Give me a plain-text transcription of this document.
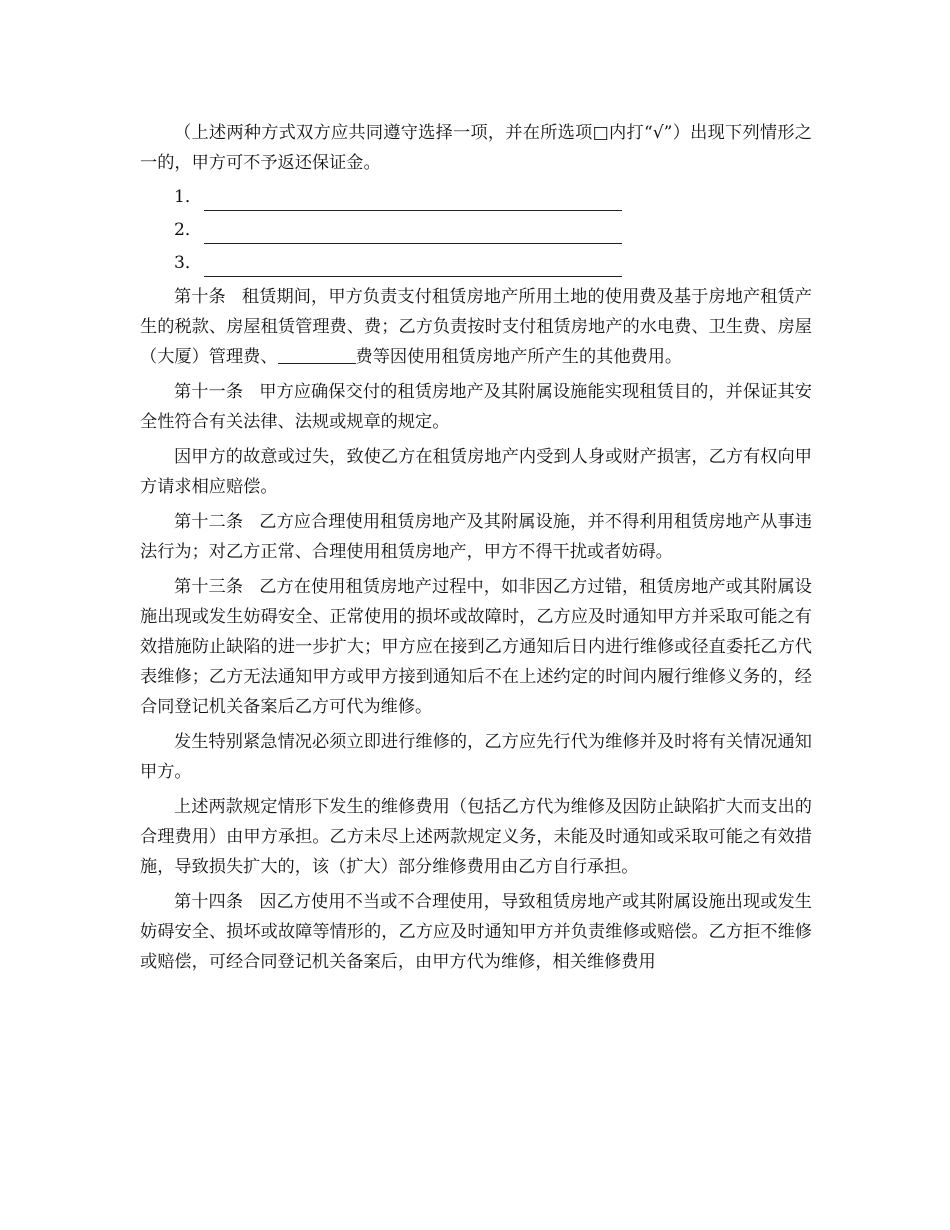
（上述两种方式双方应共同遵守选择一项，并在所选项□内打“√”）出现下列情形之一的，甲方可不予返还保证金。

1．
2．
3．

第十条 租赁期间，甲方负责支付租赁房地产所用土地的使用费及基于房地产租赁产生的税款、房屋租赁管理费、费；乙方负责按时支付租赁房地产的水电费、卫生费、房屋（大厦）管理费、	费等因使用租赁房地产所产生的其他费用。

第十一条 甲方应确保交付的租赁房地产及其附属设施能实现租赁目的，并保证其安全性符合有关法律、法规或规章的规定。

因甲方的故意或过失，致使乙方在租赁房地产内受到人身或财产损害，乙方有权向甲方请求相应赔偿。

第十二条 乙方应合理使用租赁房地产及其附属设施，并不得利用租赁房地产从事违法行为；对乙方正常、合理使用租赁房地产，甲方不得干扰或者妨碍。

第十三条 乙方在使用租赁房地产过程中，如非因乙方过错，租赁房地产或其附属设施出现或发生妨碍安全、正常使用的损坏或故障时，乙方应及时通知甲方并采取可能之有效措施防止缺陷的进一步扩大；甲方应在接到乙方通知后日内进行维修或径直委托乙方代表维修；乙方无法通知甲方或甲方接到通知后不在上述约定的时间内履行维修义务的，经合同登记机关备案后乙方可代为维修。

发生特别紧急情况必须立即进行维修的，乙方应先行代为维修并及时将有关情况通知甲方。

上述两款规定情形下发生的维修费用（包括乙方代为维修及因防止缺陷扩大而支出的合理费用）由甲方承担。乙方未尽上述两款规定义务，未能及时通知或采取可能之有效措施，导致损失扩大的，该（扩大）部分维修费用由乙方自行承担。

第十四条 因乙方使用不当或不合理使用，导致租赁房地产或其附属设施出现或发生妨碍安全、损坏或故障等情形的，乙方应及时通知甲方并负责维修或赔偿。乙方拒不维修或赔偿，可经合同登记机关备案后，由甲方代为维修，相关维修费用
